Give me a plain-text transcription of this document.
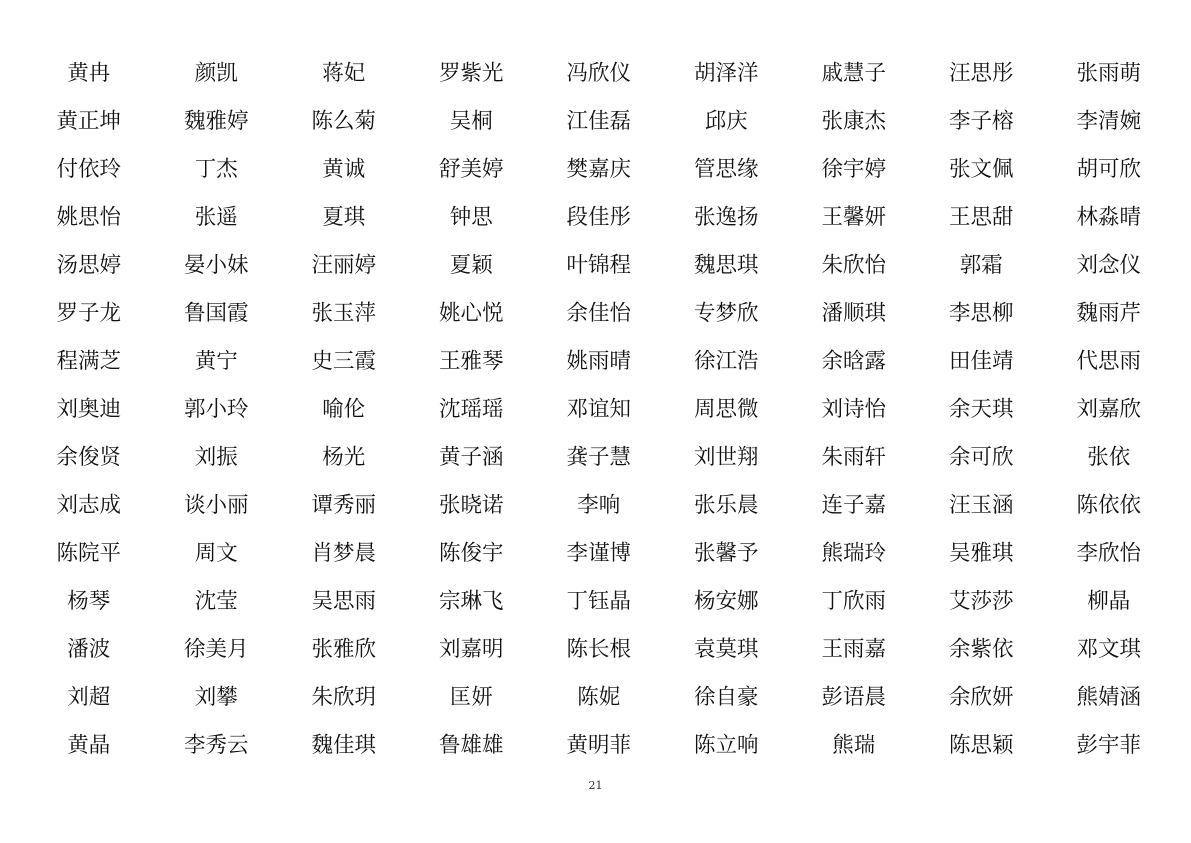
黄冉	颜凯	蒋妃	罗紫光	冯欣仪	胡泽洋	戚慧子	汪思彤	张雨萌
黄正坤	魏雅婷	陈么菊	吴桐	江佳磊	邱庆	张康杰	李子榕	李清婉
付依玲	丁杰	黄诚	舒美婷	樊嘉庆	管思缘	徐宇婷	张文佩	胡可欣
姚思怡	张遥	夏琪	钟思	段佳彤	张逸扬	王馨妍	王思甜	林淼晴
汤思婷	晏小妹	汪丽婷	夏颖	叶锦程	魏思琪	朱欣怡	郭霜	刘念仪
罗子龙	鲁国霞	张玉萍	姚心悦	余佳怡	专梦欣	潘顺琪	李思柳	魏雨芹
程满芝	黄宁	史三霞	王雅琴	姚雨晴	徐江浩	余晗露	田佳靖	代思雨
刘奥迪	郭小玲	喻伦	沈瑶瑶	邓谊知	周思微	刘诗怡	余天琪	刘嘉欣
余俊贤	刘振	杨光	黄子涵	龚子慧	刘世翔	朱雨轩	余可欣	张依
刘志成	谈小丽	谭秀丽	张晓诺	李响	张乐晨	连子嘉	汪玉涵	陈依依
陈院平	周文	肖梦晨	陈俊宇	李谨博	张馨予	熊瑞玲	吴雅琪	李欣怡
杨琴	沈莹	吴思雨	宗琳飞	丁钰晶	杨安娜	丁欣雨	艾莎莎	柳晶
潘波	徐美月	张雅欣	刘嘉明	陈长根	袁莫琪	王雨嘉	余紫依	邓文琪
刘超	刘攀	朱欣玥	匡妍	陈妮	徐自豪	彭语晨	余欣妍	熊婧涵
黄晶	李秀云	魏佳琪	鲁雄雄	黄明菲	陈立响	熊瑞	陈思颖	彭宇菲
21
